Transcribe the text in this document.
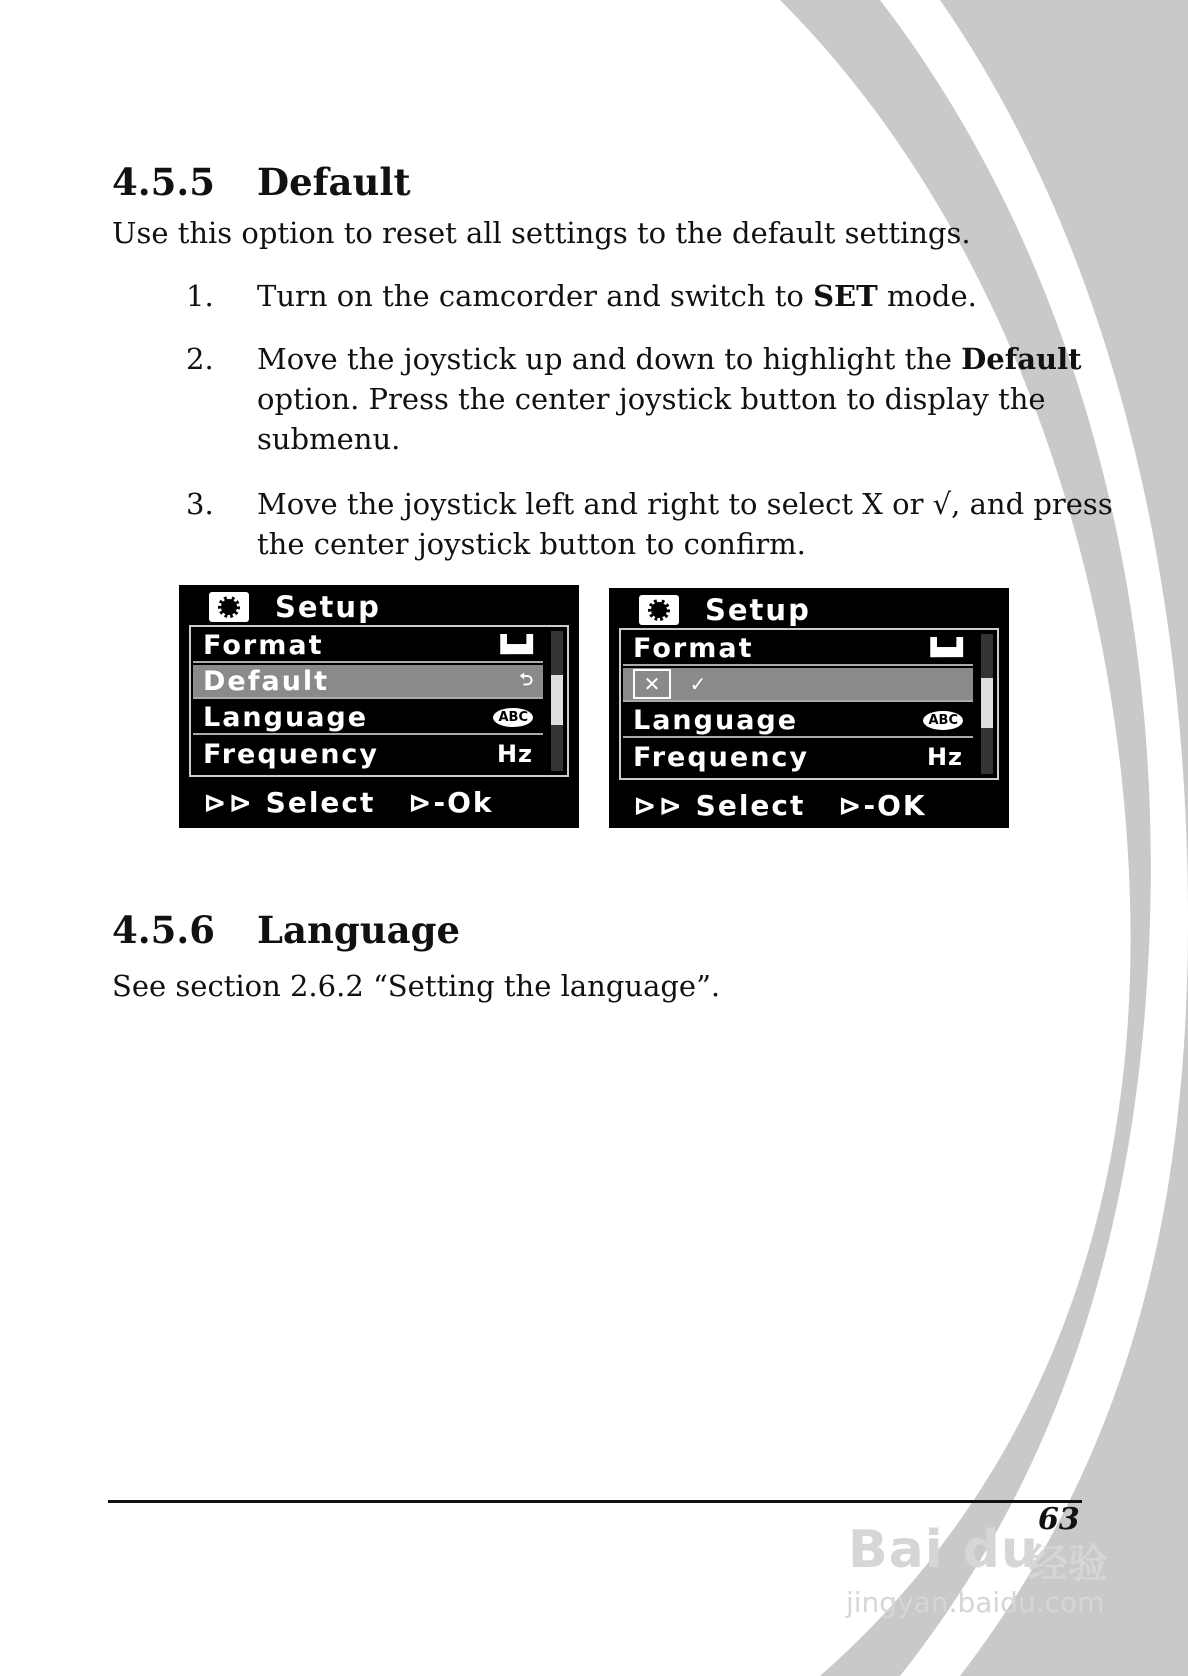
4.5.5 Default
Use this option to reset all settings to the default settings.
1.	Turn on the camcorder and switch to SET mode.
2.	Move the joystick up and down to highlight the Default
option. Press the center joystick button to display the
submenu.
3.	Move the joystick left and right to select X or √, and press
the center joystick button to confirm.
Setup
Format	▐▄▟
Default	⮌
Language	ABC
Frequency	Hz
⊳⊳ Select	⊳-Ok
Setup
Format	▐▄▟
✕	✓
Language	ABC
Frequency	Hz
⊳⊳ Select	⊳-OK
4.5.6 Language
See section 2.6.2 “Setting the language”.
63
Bai du
经验
jingyan.baidu.com
